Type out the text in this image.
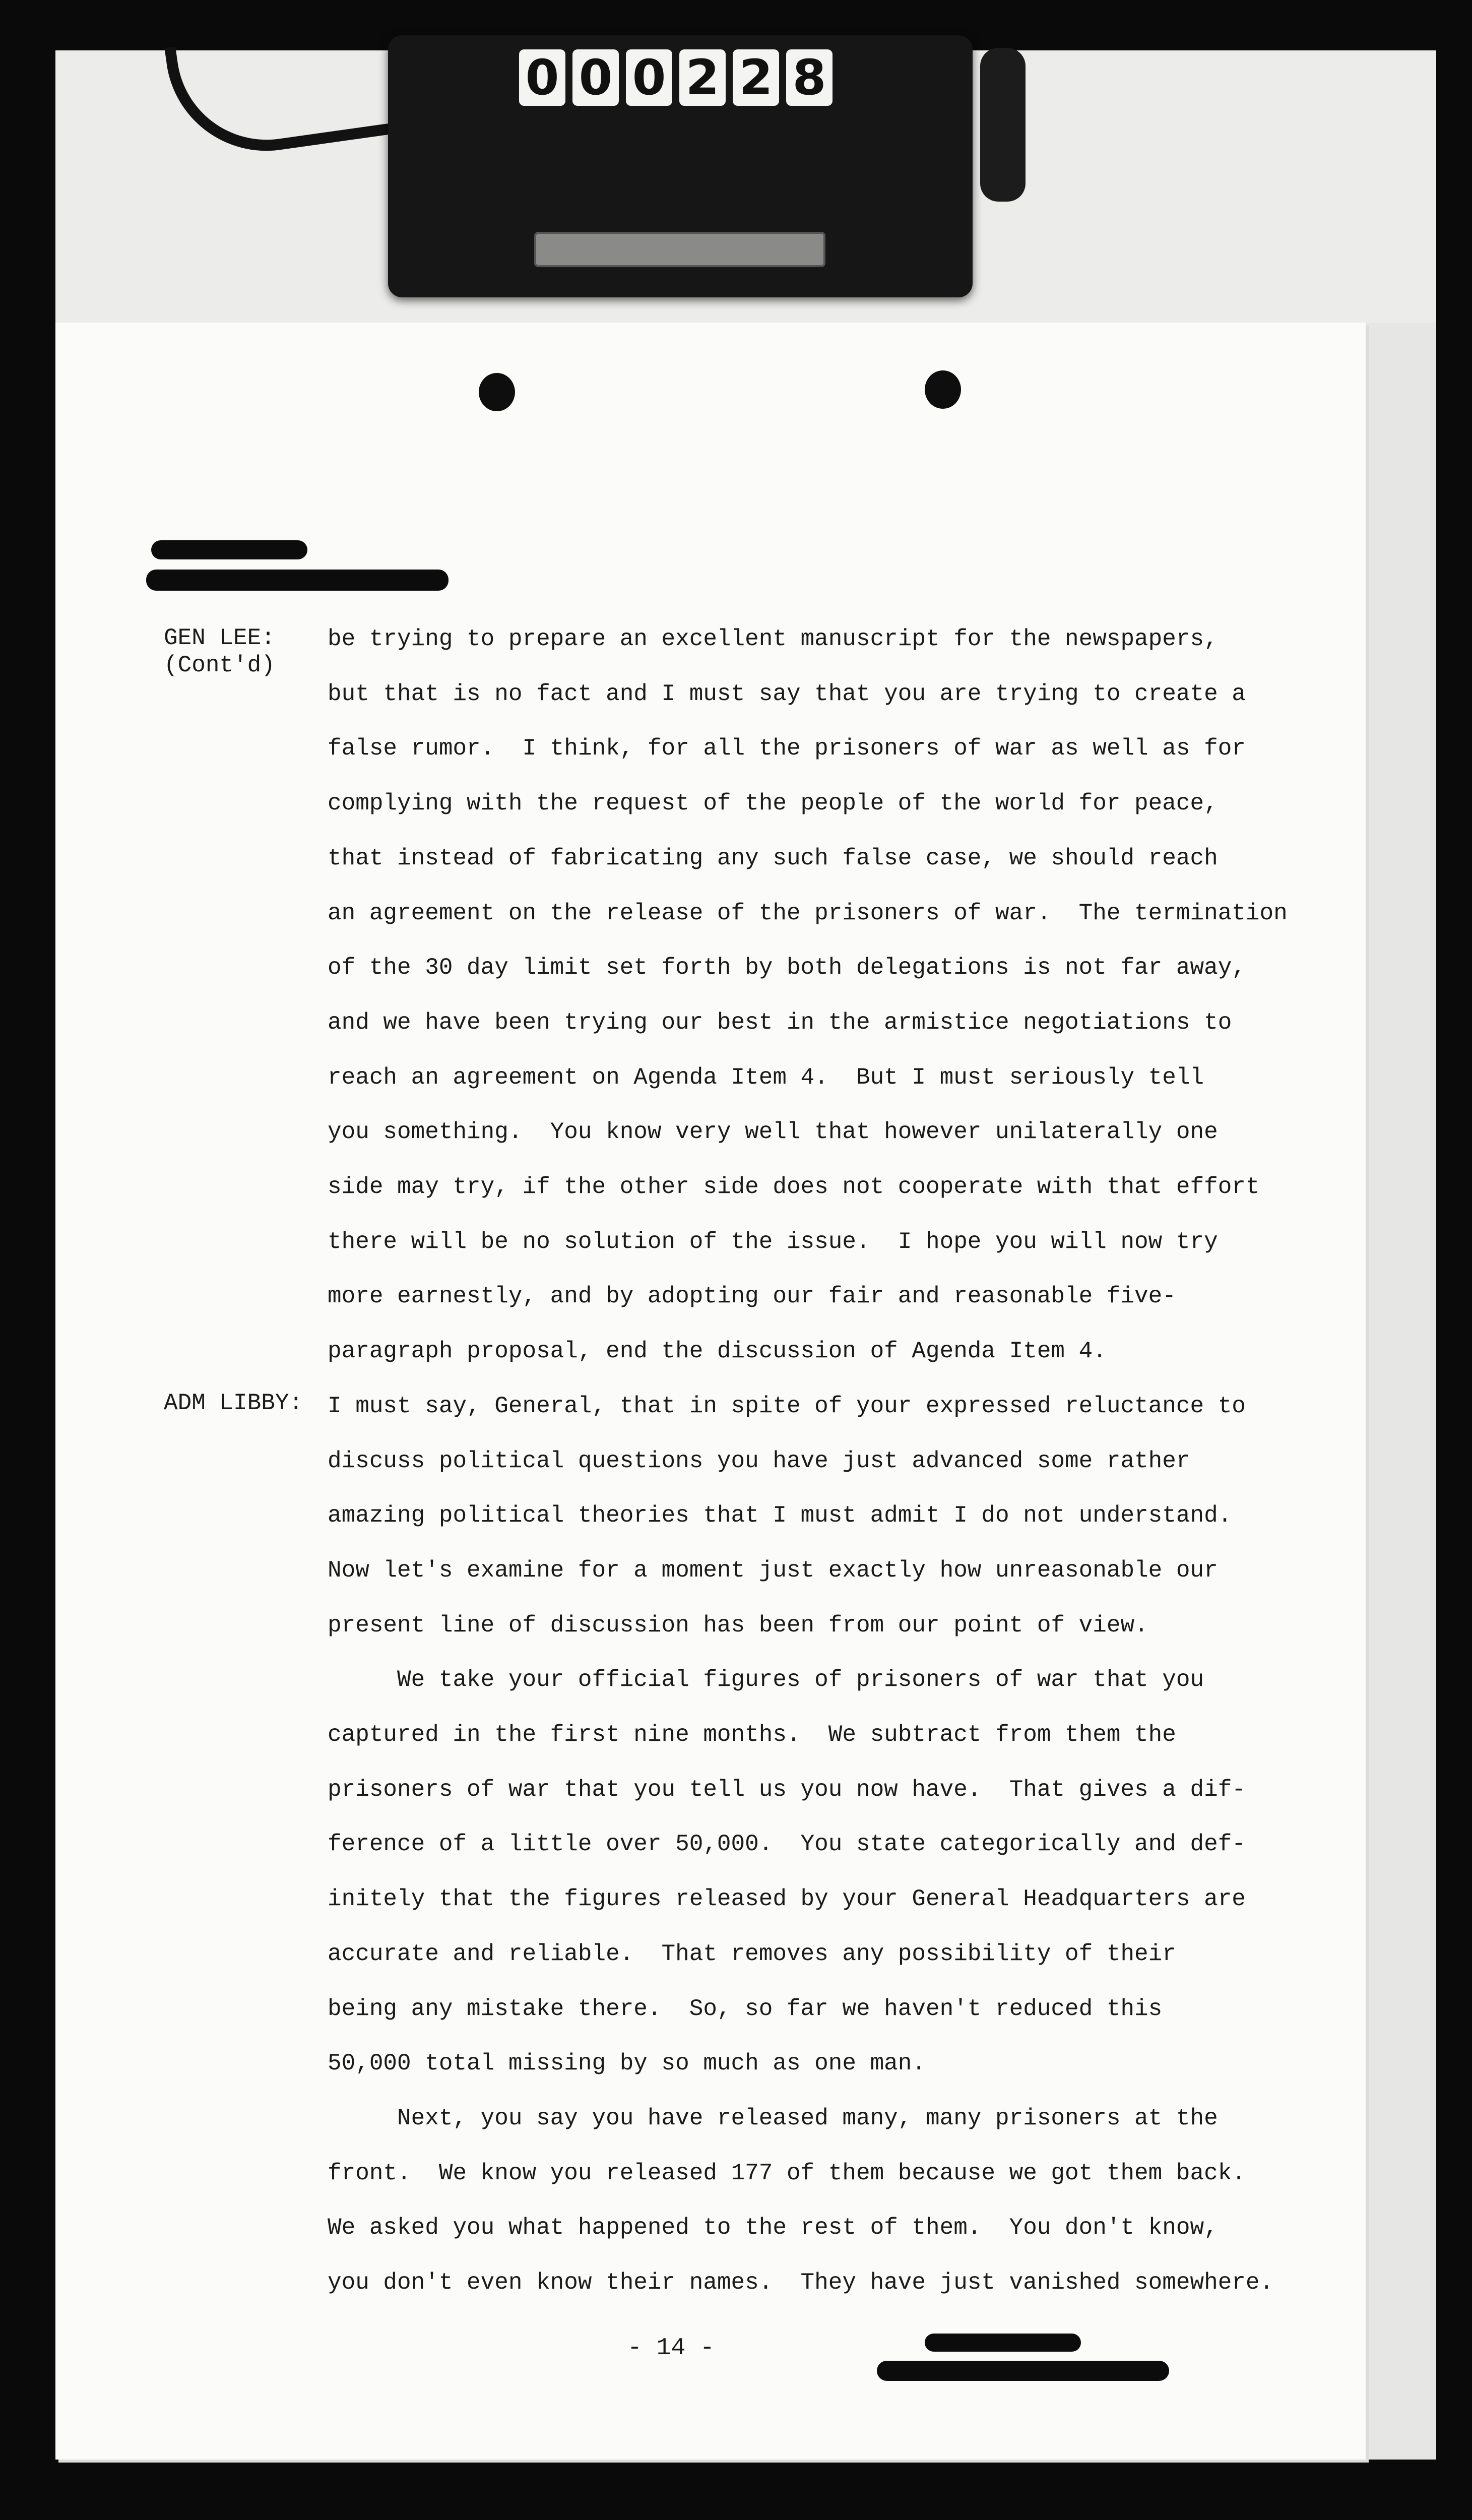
0 0 0 2 2 8
GEN LEE:
(Cont'd)
ADM LIBBY:
be trying to prepare an excellent manuscript for the newspapers,
but that is no fact and I must say that you are trying to create a
false rumor.  I think, for all the prisoners of war as well as for
complying with the request of the people of the world for peace,
that instead of fabricating any such false case, we should reach
an agreement on the release of the prisoners of war.  The termination
of the 30 day limit set forth by both delegations is not far away,
and we have been trying our best in the armistice negotiations to
reach an agreement on Agenda Item 4.  But I must seriously tell
you something.  You know very well that however unilaterally one
side may try, if the other side does not cooperate with that effort
there will be no solution of the issue.  I hope you will now try
more earnestly, and by adopting our fair and reasonable five-
paragraph proposal, end the discussion of Agenda Item 4.
I must say, General, that in spite of your expressed reluctance to
discuss political questions you have just advanced some rather
amazing political theories that I must admit I do not understand.
Now let's examine for a moment just exactly how unreasonable our
present line of discussion has been from our point of view.
We take your official figures of prisoners of war that you
captured in the first nine months.  We subtract from them the
prisoners of war that you tell us you now have.  That gives a dif-
ference of a little over 50,000.  You state categorically and def-
initely that the figures released by your General Headquarters are
accurate and reliable.  That removes any possibility of their
being any mistake there.  So, so far we haven't reduced this
50,000 total missing by so much as one man.
Next, you say you have released many, many prisoners at the
front.  We know you released 177 of them because we got them back.
We asked you what happened to the rest of them.  You don't know,
you don't even know their names.  They have just vanished somewhere.
- 14 -
